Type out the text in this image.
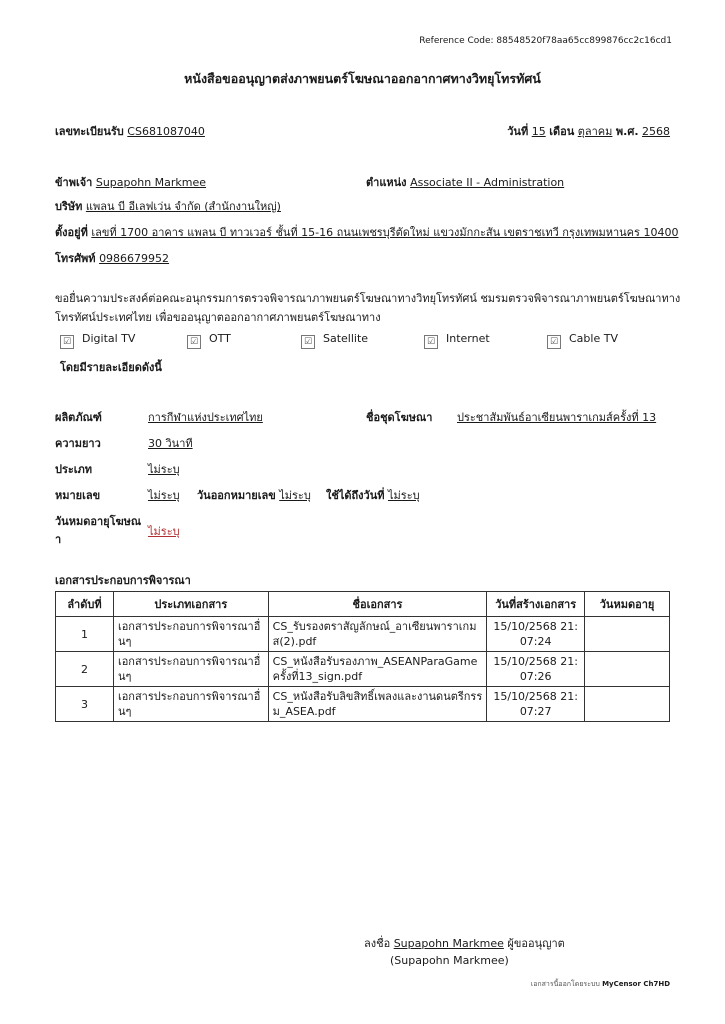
Reference Code: 88548520f78aa65cc899876cc2c16cd1
หนังสือขออนุญาตส่งภาพยนตร์โฆษณาออกอากาศทางวิทยุโทรทัศน์
เลขทะเบียนรับ CS681087040	วันที่ 15 เดือน ตุลาคม พ.ศ. 2568
ข้าพเจ้า Supapohn Markmee	ตำแหน่ง Associate II - Administration
บริษัท แพลน บี อีเลฟเว่น จำกัด (สำนักงานใหญ่)
ตั้งอยู่ที่ เลขที่ 1700 อาคาร แพลน บี ทาวเวอร์ ชั้นที่ 15-16 ถนนเพชรบุรีตัดใหม่ แขวงมักกะสัน เขตราชเทวี กรุงเทพมหานคร 10400
โทรศัพท์ 0986679952
ขอยื่นความประสงค์ต่อคณะอนุกรรมการตรวจพิจารณาภาพยนตร์โฆษณาทางวิทยุโทรทัศน์ ชมรมตรวจพิจารณาภาพยนตร์โฆษณาทาง
โทรทัศน์ประเทศไทย เพื่อขออนุญาตออกอากาศภาพยนตร์โฆษณาทาง
☑ Digital TV	☑ OTT	☑ Satellite	☑ Internet	☑ Cable TV
โดยมีรายละเอียดดังนี้
ผลิตภัณฑ์	การกีฬาแห่งประเทศไทย	ชื่อชุดโฆษณา ประชาสัมพันธ์อาเซียนพาราเกมส์ครั้งที่ 13
ความยาว	30 วินาที
ประเภท	ไม่ระบุ
หมายเลข	ไม่ระบุ วันออกหมายเลข ไม่ระบุ ใช้ได้ถึงวันที่ ไม่ระบุ
วันหมดอายุโฆษณ
า
ไม่ระบุ
เอกสารประกอบการพิจารณา
ลำดับที่	ประเภทเอกสาร	ชื่อเอกสาร	วันที่สร้างเอกสาร	วันหมดอายุ
1	เอกสารประกอบการพิจารณาอื่นๆ	CS_รับรองตราสัญลักษณ์_อาเซียนพาราเกมส(2).pdf	15/10/2568 21:07:24	
2	เอกสารประกอบการพิจารณาอื่นๆ	CS_หนังสือรับรองภาพ_ASEANParaGameครั้งที่13_sign.pdf	15/10/2568 21:07:26	
3	เอกสารประกอบการพิจารณาอื่นๆ	CS_หนังสือรับลิขสิทธิ์เพลงและงานดนตรีกรรม_ASEA.pdf	15/10/2568 21:07:27	
ลงชื่อ Supapohn Markmee ผู้ขออนุญาต
(Supapohn Markmee)
เอกสารนี้ออกโดยระบบ MyCensor Ch7HD
